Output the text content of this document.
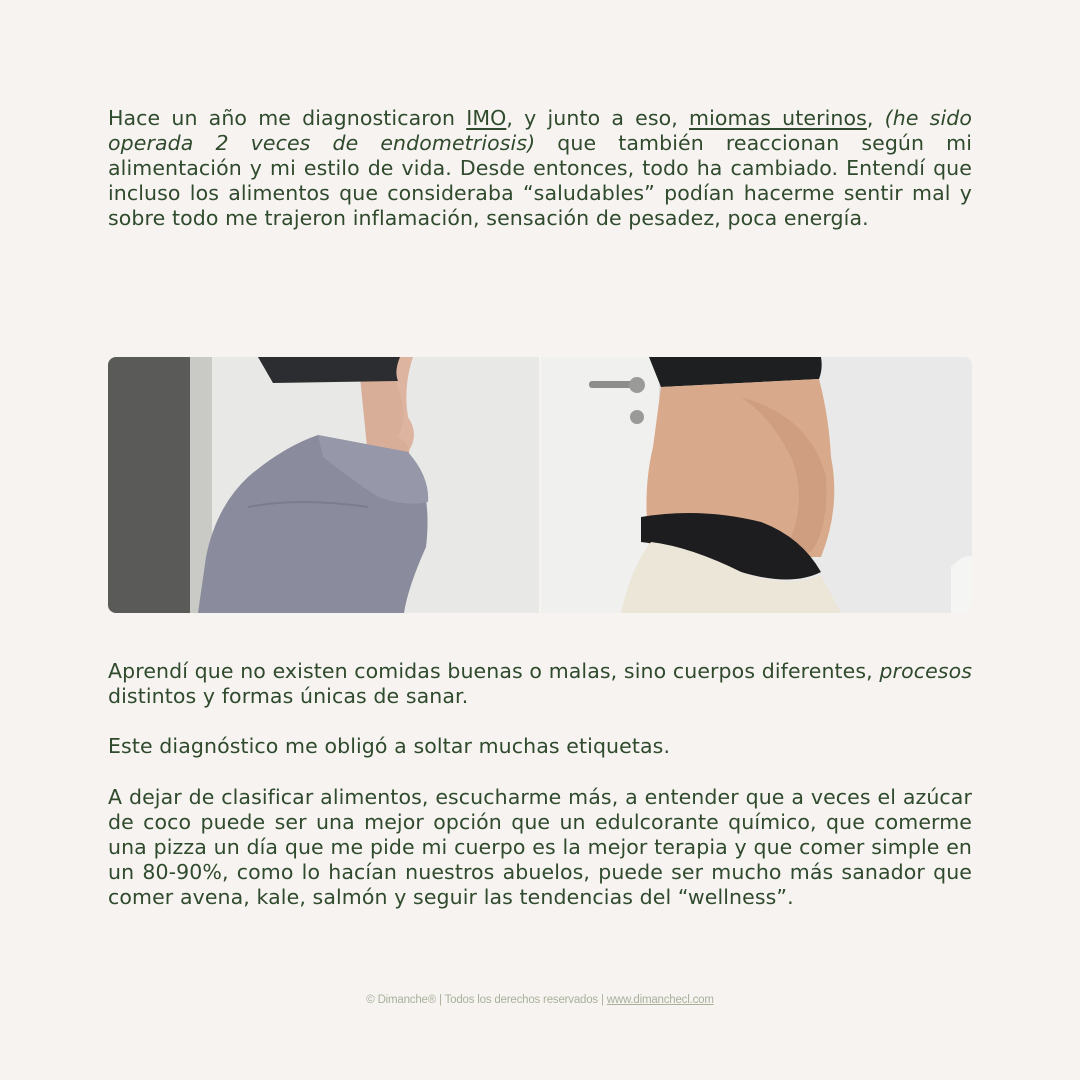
Hace un año me diagnosticaron IMO, y junto a eso, miomas uterinos, (he sido operada 2 veces de endometriosis) que también reaccionan según mi alimentación y mi estilo de vida. Desde entonces, todo ha cambiado. Entendí que incluso los alimentos que consideraba “saludables” podían hacerme sentir mal y sobre todo me trajeron inflamación, sensación de pesadez, poca energía.

Aprendí que no existen comidas buenas o malas, sino cuerpos diferentes, procesos distintos y formas únicas de sanar.

Este diagnóstico me obligó a soltar muchas etiquetas.

A dejar de clasificar alimentos, escucharme más, a entender que a veces el azúcar de coco puede ser una mejor opción que un edulcorante químico, que comerme una pizza un día que me pide mi cuerpo es la mejor terapia y que comer simple en un 80-90%, como lo hacían nuestros abuelos, puede ser mucho más sanador que comer avena, kale, salmón y seguir las tendencias del “wellness”.

© Dimanche® | Todos los derechos reservados | www.dimanchecl.com
